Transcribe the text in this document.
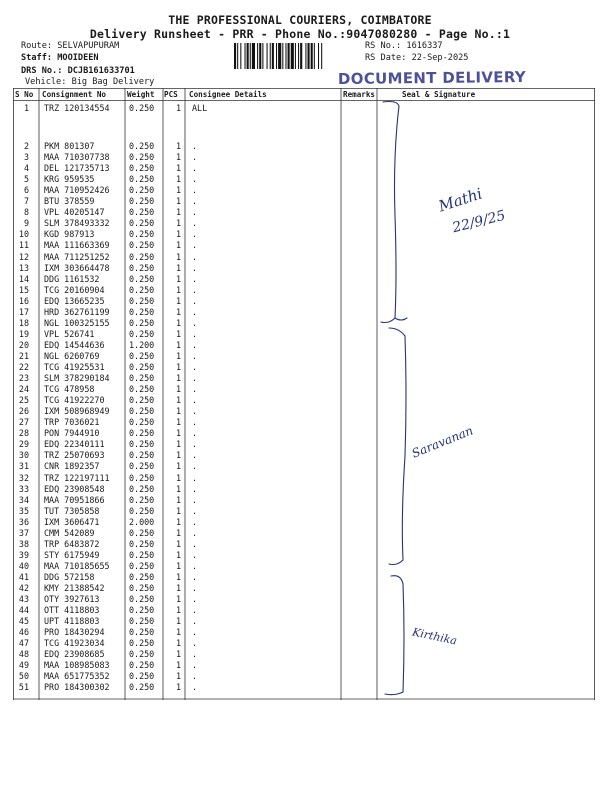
THE PROFESSIONAL COURIERS, COIMBATORE
Delivery Runsheet - PRR - Phone No.:9047080280 - Page No.:1
Route: SELVAPUPURAM
Staff: MOOIDEEN
DRS No.: DCJB161633701
Vehicle: Big Bag Delivery
RS No.: 1616337
RS Date: 22-Sep-2025
DOCUMENT DELIVERY
S No Consignment No	Weight PCS Consignee Details	Remarks	Seal & Signature
1 TRZ 120134554 0.250	1 ALL
2 PKM 801307	0.250	1 .
3 MAA 710307738 0.250	1 .
4 DEL 121735713 0.250	1 .
5 KRG 959535	0.250	1 .
6 MAA 710952426 0.250	1 .
7 BTU 378559	0.250	1 .
8 VPL 40205147	0.250	1 .
9 SLM 378493332 0.250	1 .
10 KGD 987913	0.250	1 .
11 MAA 111663369 0.250	1 .
12 MAA 711251252 0.250	1 .
13 IXM 303664478 0.250	1 .
14 DDG 1161532	0.250	1 .
15 TCG 20160904	0.250	1 .
16 EDQ 13665235	0.250	1 .
17 HRD 362761199 0.250	1 .
18 NGL 100325155 0.250	1 .
19 VPL 526741	0.250	1 .
20 EDQ 14544636	1.200	1 .
21 NGL 6260769	0.250	1 .
22 TCG 41925531	0.250	1 .
23 SLM 378290184 0.250	1 .
24 TCG 478958	0.250	1 .
25 TCG 41922270	0.250	1 .
26 IXM 508968949 0.250	1 .
27 TRP 7036021	0.250	1 .
28 PON 7944910	0.250	1 .
29 EDQ 22340111	0.250	1 .
30 TRZ 25070693	0.250	1 .
31 CNR 1892357	0.250	1 .
32 TRZ 122197111 0.250	1 .
33 EDQ 23908548	0.250	1 .
34 MAA 70951866	0.250	1 .
35 TUT 7305858	0.250	1 .
36 IXM 3606471	2.000	1 .
37 CMM 542089	0.250	1 .
38 TRP 6483872	0.250	1 .
39 STY 6175949	0.250	1 .
40 MAA 710185655 0.250	1 .
41 DDG 572158	0.250	1 .
42 KMY 21388542	0.250	1 .
43 OTY 3927613	0.250	1 .
44 OTT 4118803	0.250	1 .
45 UPT 4118803	0.250	1 .
46 PRO 18430294	0.250	1 .
47 TCG 41923034	0.250	1 .
48 EDQ 23908685	0.250	1 .
49 MAA 108985083 0.250	1 .
50 MAA 651775352 0.250	1 .
51 PRO 184300302 0.250	1 .
Mathi
22/9/25
Saravanan
Kirthika
